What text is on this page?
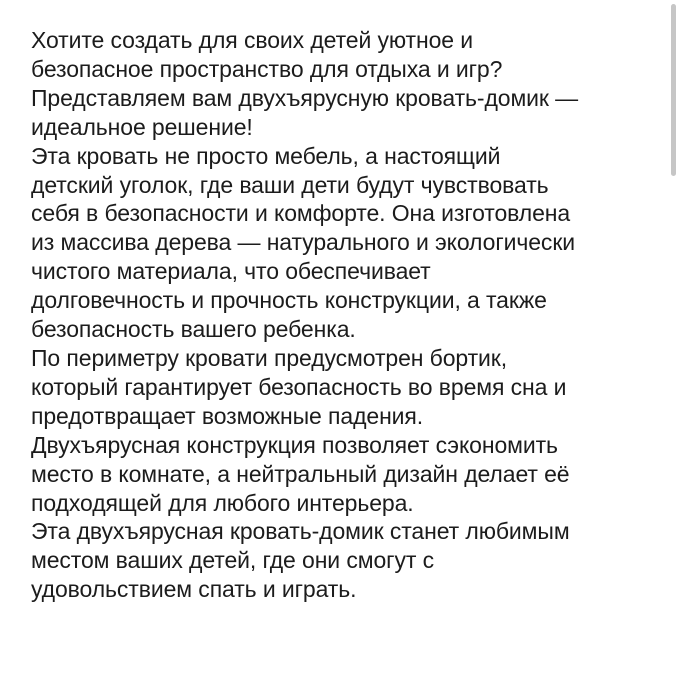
Хотите создать для своих детей уютное и
безопасное пространство для отдыха и игр?
Представляем вам двухъярусную кровать-домик —
идеальное решение!
Эта кровать не просто мебель, а настоящий
детский уголок, где ваши дети будут чувствовать
себя в безопасности и комфорте. Она изготовлена
из массива дерева — натурального и экологически
чистого материала, что обеспечивает
долговечность и прочность конструкции, а также
безопасность вашего ребенка.
По периметру кровати предусмотрен бортик,
который гарантирует безопасность во время сна и
предотвращает возможные падения.
Двухъярусная конструкция позволяет сэкономить
место в комнате, а нейтральный дизайн делает её
подходящей для любого интерьера.
Эта двухъярусная кровать-домик станет любимым
местом ваших детей, где они смогут с
удовольствием спать и играть.
